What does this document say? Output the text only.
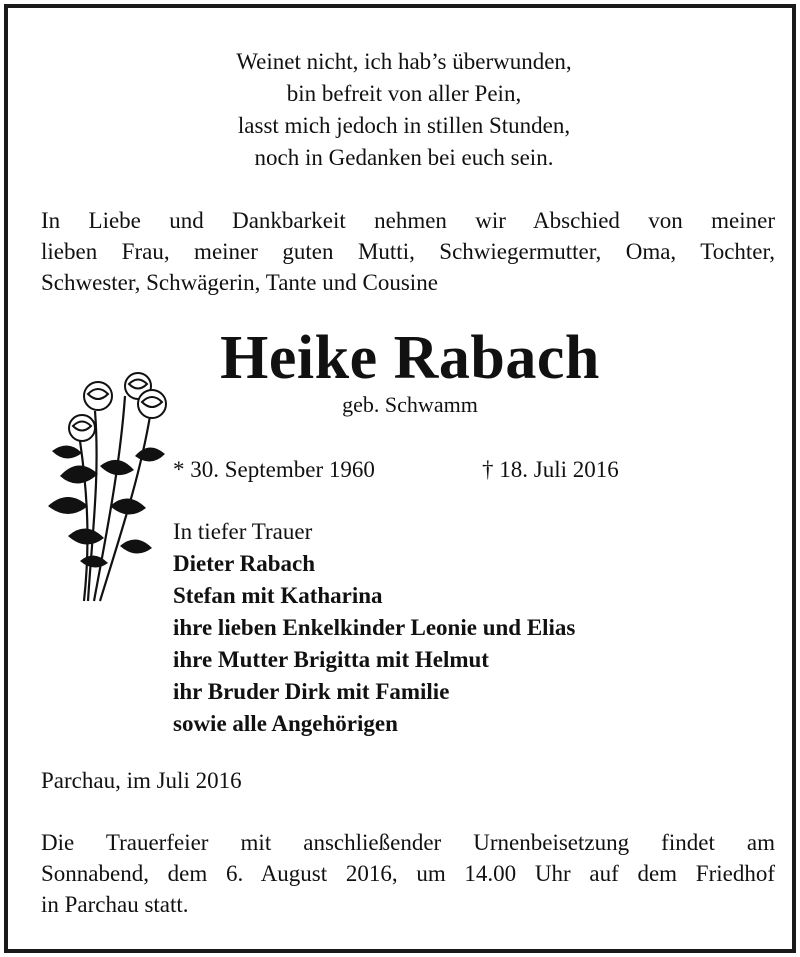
Weinet nicht, ich hab’s überwunden,
bin befreit von aller Pein,
lasst mich jedoch in stillen Stunden,
noch in Gedanken bei euch sein.
In Liebe und Dankbarkeit nehmen wir Abschied von meiner
lieben Frau, meiner guten Mutti, Schwiegermutter, Oma, Tochter,
Schwester, Schwägerin, Tante und Cousine
Heike Rabach
geb. Schwamm
* 30. September 1960	† 18. Juli 2016
In tiefer Trauer
Dieter Rabach
Stefan mit Katharina
ihre lieben Enkelkinder Leonie und Elias
ihre Mutter Brigitta mit Helmut
ihr Bruder Dirk mit Familie
sowie alle Angehörigen
Parchau, im Juli 2016
Die Trauerfeier mit anschließender Urnenbeisetzung findet am
Sonnabend, dem 6. August 2016, um 14.00 Uhr auf dem Friedhof
in Parchau statt.
